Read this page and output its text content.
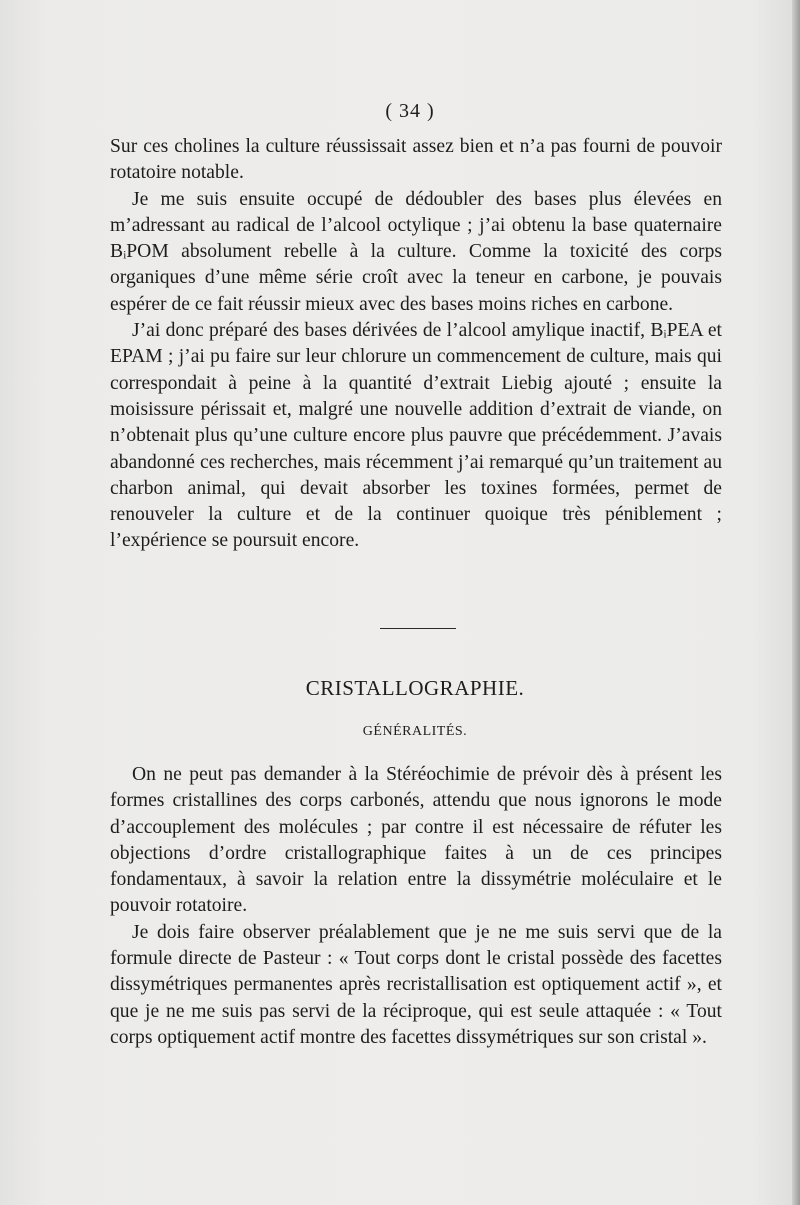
( 34 )

Sur ces cholines la culture réussissait assez bien et n’a pas fourni de pouvoir rotatoire notable.

Je me suis ensuite occupé de dédoubler des bases plus élevées en m’adressant au radical de l’alcool octylique ; j’ai obtenu la base quaternaire BᵢPOM absolument rebelle à la culture. Comme la toxicité des corps organiques d’une même série croît avec la teneur en carbone, je pouvais espérer de ce fait réussir mieux avec des bases moins riches en carbone.

J’ai donc préparé des bases dérivées de l’alcool amylique inactif, BᵢPEA et EPAM ; j’ai pu faire sur leur chlorure un commencement de culture, mais qui correspondait à peine à la quantité d’extrait Liebig ajouté ; ensuite la moisissure périssait et, malgré une nouvelle addition d’extrait de viande, on n’obtenait plus qu’une culture encore plus pauvre que précédemment. J’avais abandonné ces recherches, mais récemment j’ai remarqué qu’un traitement au charbon animal, qui devait absorber les toxines formées, permet de renouveler la culture et de la continuer quoique très péniblement ; l’expérience se poursuit encore.

CRISTALLOGRAPHIE.
GÉNÉRALITÉS.

On ne peut pas demander à la Stéréochimie de prévoir dès à présent les formes cristallines des corps carbonés, attendu que nous ignorons le mode d’accouplement des molécules ; par contre il est nécessaire de réfuter les objections d’ordre cristallographique faites à un de ces principes fondamentaux, à savoir la relation entre la dissymétrie moléculaire et le pouvoir rotatoire.

Je dois faire observer préalablement que je ne me suis servi que de la formule directe de Pasteur : « Tout corps dont le cristal possède des facettes dissymétriques permanentes après recristallisation est optiquement actif », et que je ne me suis pas servi de la réciproque, qui est seule attaquée : « Tout corps optiquement actif montre des facettes dissymétriques sur son cristal ».
